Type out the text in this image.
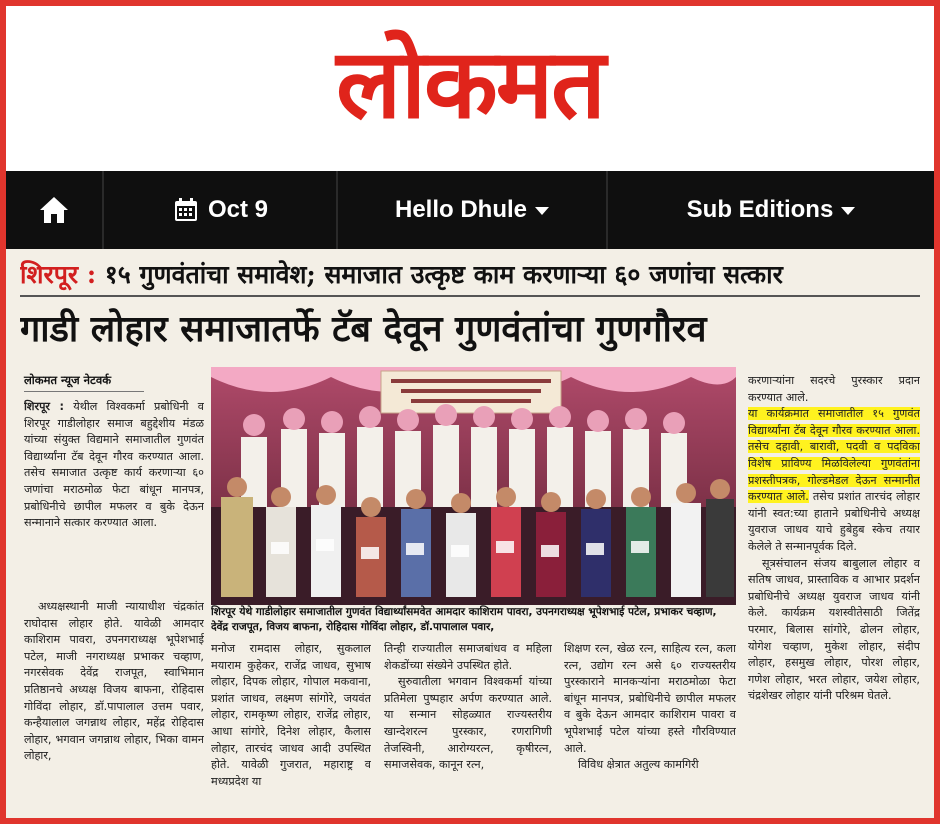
लोकमत
Oct 9	Hello Dhule	Sub Editions
शिरपूर : १५ गुणवंतांचा समावेश; समाजात उत्कृष्ट काम करणाऱ्या ६० जणांचा सत्कार
गाडी लोहार समाजातर्फे टॅब देवून गुणवंतांचा गुणगौरव
लोकमत न्यूज नेटवर्क
शिरपूर : येथील विश्वकर्मा प्रबोधिनी व शिरपूर गाडीलोहार समाज बहुद्देशीय मंडळ यांच्या संयुक्त विद्यमाने समाजातील गुणवंत विद्यार्थ्यांना टॅब देवून गौरव करण्यात आला. तसेच समाजात उत्कृष्ट कार्य करणाऱ्या ६० जणांचा मराठमोळ फेटा बांधून मानपत्र, प्रबोधिनीचे छापील मफलर व बुके देऊन सन्मानाने सत्कार करण्यात आला.
अध्यक्षस्थानी माजी न्यायाधीश चंद्रकांत राघोदास लोहार होते. यावेळी आमदार काशिराम पावरा, उपनगराध्यक्ष भूपेशभाई पटेल, माजी नगराध्यक्ष प्रभाकर चव्हाण, नगरसेवक देवेंद्र राजपूत, स्वाभिमान प्रतिष्ठानचे अध्यक्ष विजय बाफना, रोहिदास गोविंदा लोहार, डॉ.पापालाल उत्तम पवार, कन्हैयालाल जगन्नाथ लोहार, महेंद्र रोहिदास लोहार, भगवान जगन्नाथ लोहार, भिका वामन लोहार,
शिरपूर येथे गाडीलोहार समाजातील गुणवंत विद्यार्थ्यांसमवेत आमदार काशिराम पावरा, उपनगराध्यक्ष भूपेशभाई पटेल, प्रभाकर चव्हाण, देवेंद्र राजपूत, विजय बाफना, रोहिदास गोविंदा लोहार, डॉ.पापालाल पवार,
मनोज रामदास लोहार, सुकलाल मयाराम कुहेकर, राजेंद्र जाधव, सुभाष लोहार, दिपक लोहार, गोपाल मकवाना, प्रशांत जाधव, लक्ष्मण सांगोरे, जयवंत लोहार, रामकृष्ण लोहार, राजेंद्र लोहार, आधा सांगोरे, दिनेश लोहार, कैलास लोहार, तारचंद जाधव आदी उपस्थित होते. यावेळी गुजरात, महाराष्ट्र व मध्यप्रदेश या
तिन्ही राज्यातील समाजबांधव व महिला शेकडोंच्या संख्येने उपस्थित होते.
सुरुवातीला भगवान विश्वकर्मा यांच्या प्रतिमेला पुष्पहार अर्पण करण्यात आले. या सन्मान सोहळ्यात राज्यस्तरीय खान्देशरत्न पुरस्कार, रणरागिणी तेजस्विनी, आरोग्यरत्न, कृषीरत्न, समाजसेवक, कानून रत्न,
शिक्षण रत्न, खेळ रत्न, साहित्य रत्न, कला रत्न, उद्योग रत्न असे ६० राज्यस्तरीय पुरस्काराने मानकऱ्यांना मराठमोळा फेटा बांधून मानपत्र, प्रबोधिनीचे छापील मफलर व बुके देऊन आमदार काशिराम पावरा व भूपेशभाई पटेल यांच्या हस्ते गौरविण्यात आले.
विविध क्षेत्रात अतुल्य कामगिरी
करणाऱ्यांना सदरचे पुरस्कार प्रदान करण्यात आले.
या कार्यक्रमात समाजातील १५ गुणवंत विद्यार्थ्यांना टॅब देवून गौरव करण्यात आला. तसेच दहावी, बारावी, पदवी व पदविका विशेष प्राविण्य मिळविलेल्या गुणवंतांना प्रशस्तीपत्रक, गोल्डमेडल देऊन सन्मानीत करण्यात आले. तसेच प्रशांत तारचंद लोहार यांनी स्वत:च्या हाताने प्रबोधिनीचे अध्यक्ष युवराज जाधव याचे हुबेहुब स्केच तयार केलेले ते सन्मानपूर्वक दिले.
सूत्रसंचालन संजय बाबुलाल लोहार व सतिष जाधव, प्रास्ताविक व आभार प्रदर्शन प्रबोधिनीचे अध्यक्ष युवराज जाधव यांनी केले. कार्यक्रम यशस्वीतेसाठी जितेंद्र परमार, बिलास सांगोरे, ढोलन लोहार, योगेश चव्हाण, मुकेश लोहार, संदीप लोहार, हसमुख लोहार, पोरश लोहार, गणेश लोहार, भरत लोहार, जयेश लोहार, चंद्रशेखर लोहार यांनी परिश्रम घेतले.
